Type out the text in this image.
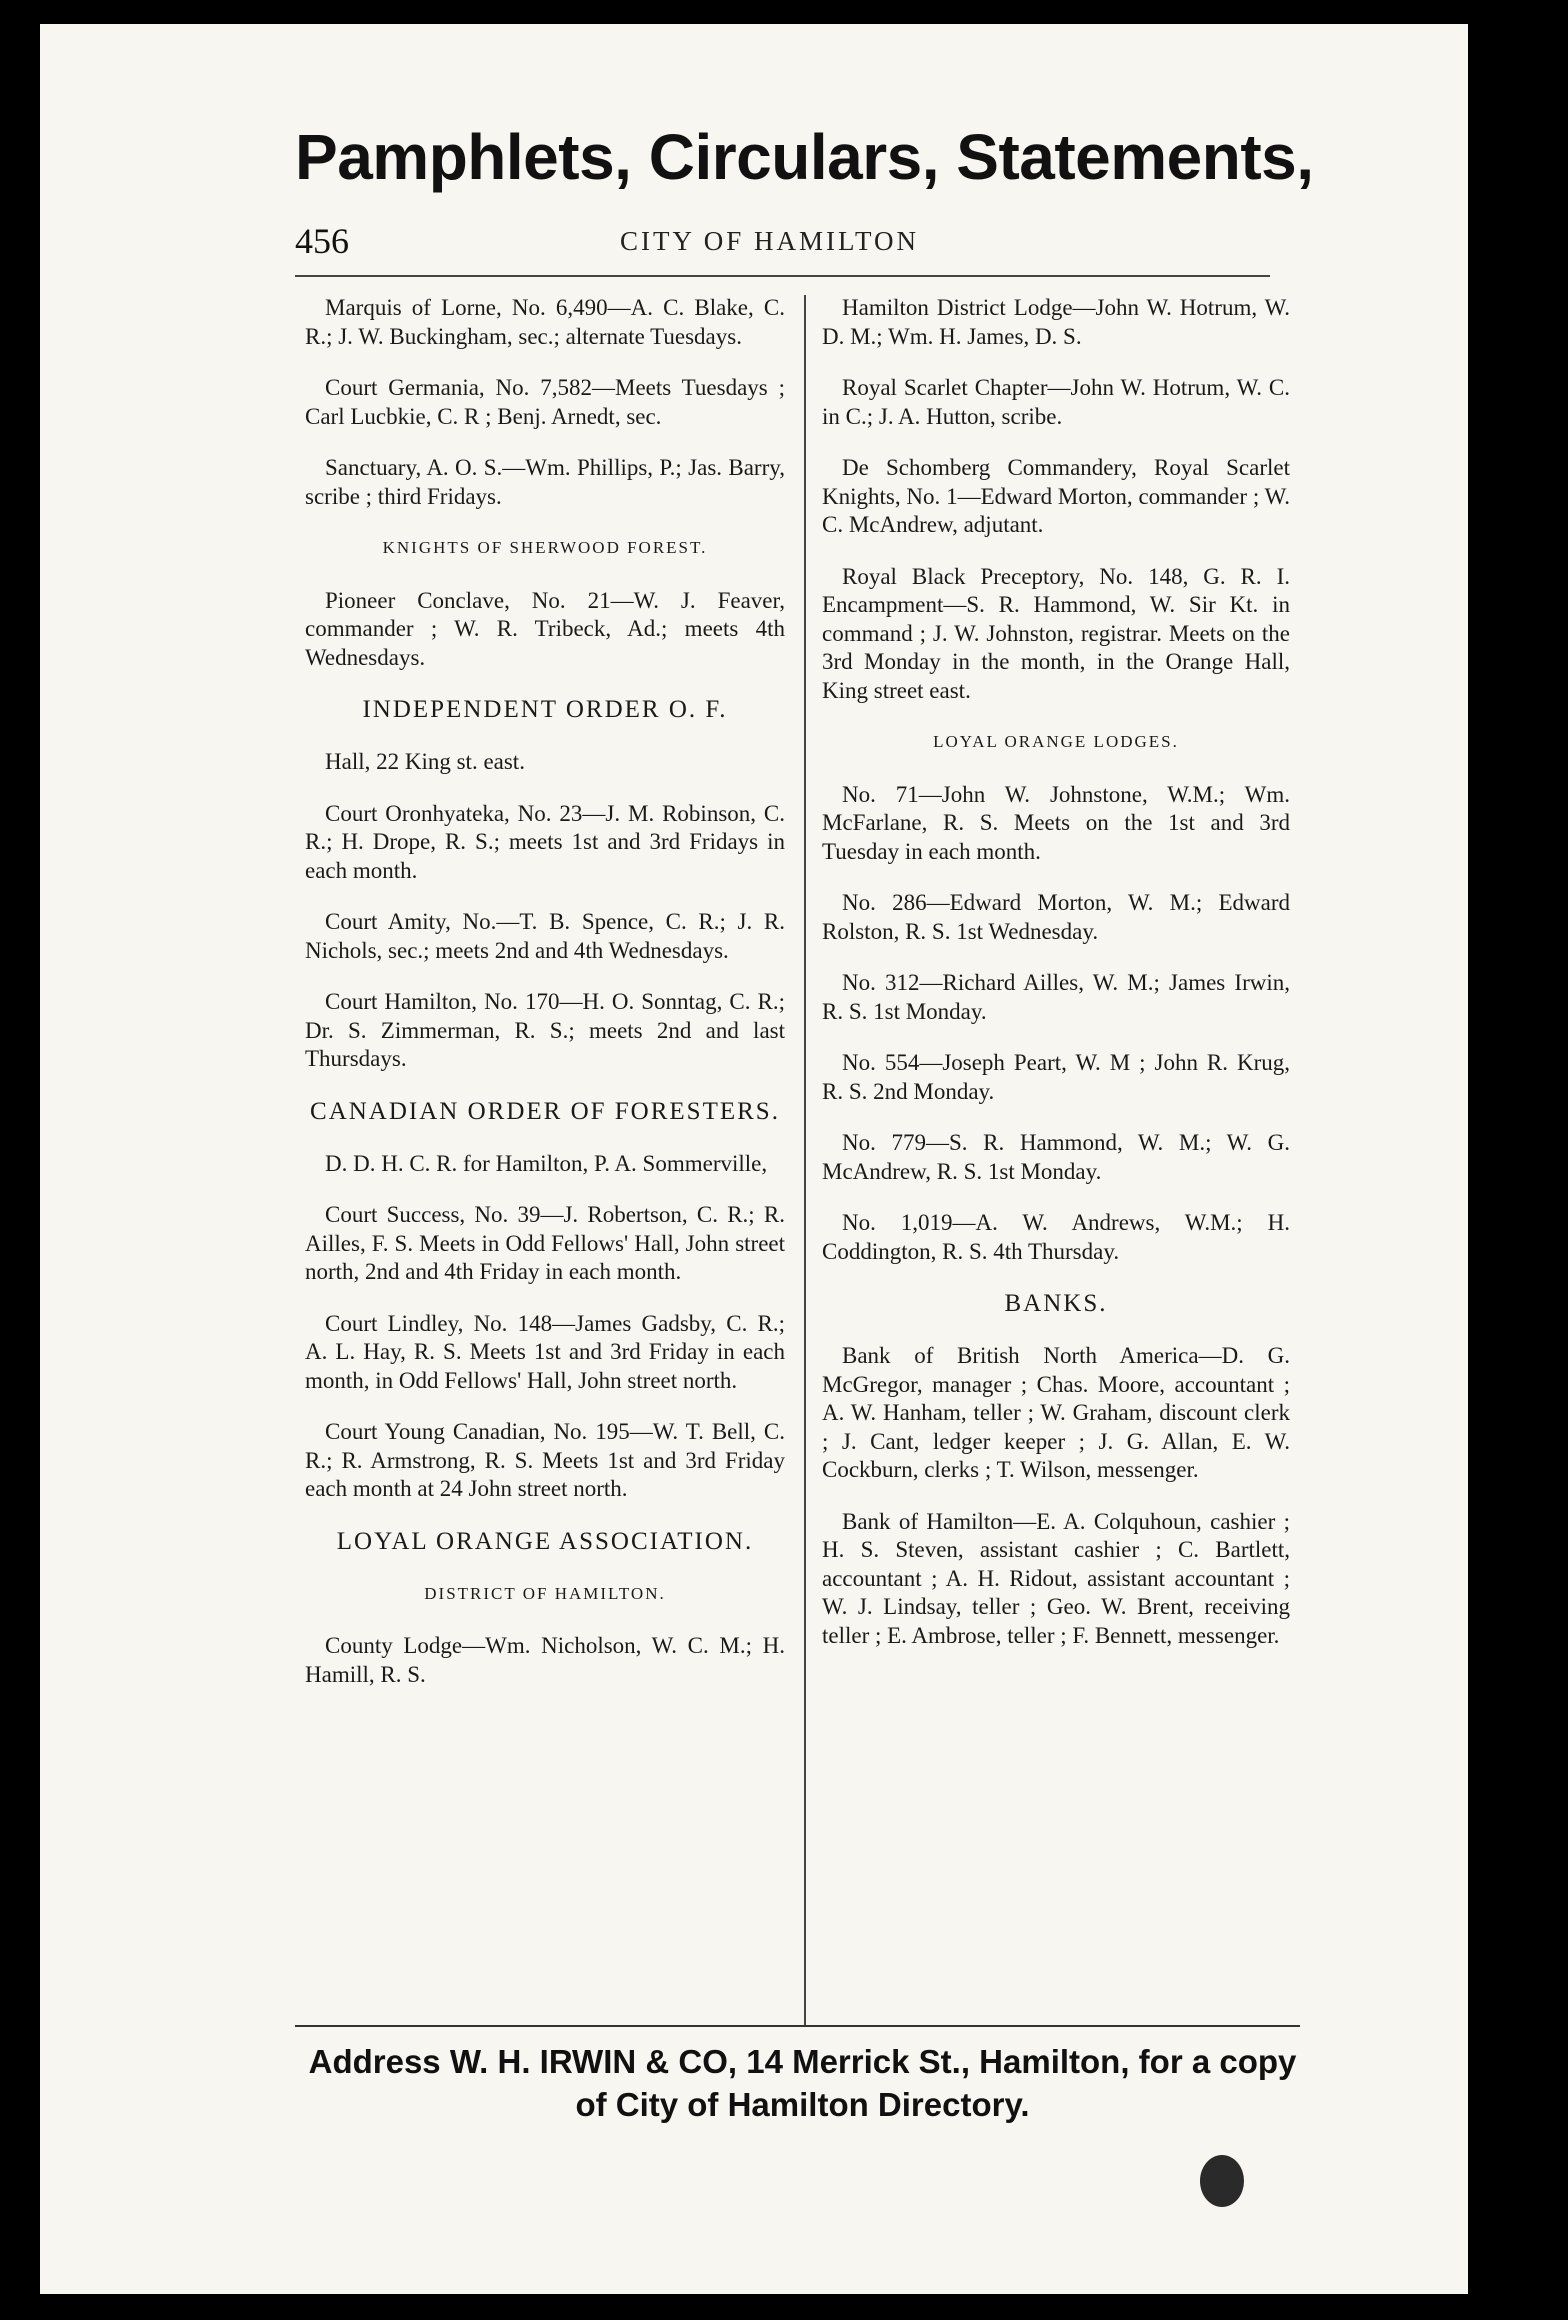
Pamphlets, Circulars, Statements,
456	CITY OF HAMILTON
Marquis of Lorne, No. 6,490—A. C. Blake, C. R.; J. W. Buckingham, sec.; alternate Tuesdays.
Court Germania, No. 7,582—Meets Tuesdays ; Carl Lucbkie, C. R ; Benj. Arnedt, sec.
Sanctuary, A. O. S.—Wm. Phillips, P.; Jas. Barry, scribe ; third Fridays.
KNIGHTS OF SHERWOOD FOREST.
Pioneer Conclave, No. 21—W. J. Feaver, commander ; W. R. Tribeck, Ad.; meets 4th Wednesdays.
INDEPENDENT ORDER O. F.
Hall, 22 King st. east.
Court Oronhyateka, No. 23—J. M. Robinson, C. R.; H. Drope, R. S.; meets 1st and 3rd Fridays in each month.
Court Amity, No.—T. B. Spence, C. R.; J. R. Nichols, sec.; meets 2nd and 4th Wednesdays.
Court Hamilton, No. 170—H. O. Sonntag, C. R.; Dr. S. Zimmerman, R. S.; meets 2nd and last Thursdays.
CANADIAN ORDER OF FORESTERS.
D. D. H. C. R. for Hamilton, P. A. Sommerville,
Court Success, No. 39—J. Robertson, C. R.; R. Ailles, F. S. Meets in Odd Fellows' Hall, John street north, 2nd and 4th Friday in each month.
Court Lindley, No. 148—James Gadsby, C. R.; A. L. Hay, R. S. Meets 1st and 3rd Friday in each month, in Odd Fellows' Hall, John street north.
Court Young Canadian, No. 195—W. T. Bell, C. R.; R. Armstrong, R. S. Meets 1st and 3rd Friday each month at 24 John street north.
LOYAL ORANGE ASSOCIATION.
DISTRICT OF HAMILTON.
County Lodge—Wm. Nicholson, W. C. M.; H. Hamill, R. S.
Hamilton District Lodge—John W. Hotrum, W. D. M.; Wm. H. James, D. S.
Royal Scarlet Chapter—John W. Hotrum, W. C. in C.; J. A. Hutton, scribe.
De Schomberg Commandery, Royal Scarlet Knights, No. 1—Edward Morton, commander ; W. C. McAndrew, adjutant.
Royal Black Preceptory, No. 148, G. R. I. Encampment—S. R. Hammond, W. Sir Kt. in command ; J. W. Johnston, registrar. Meets on the 3rd Monday in the month, in the Orange Hall, King street east.
LOYAL ORANGE LODGES.
No. 71—John W. Johnstone, W.M.; Wm. McFarlane, R. S. Meets on the 1st and 3rd Tuesday in each month.
No. 286—Edward Morton, W. M.; Edward Rolston, R. S. 1st Wednesday.
No. 312—Richard Ailles, W. M.; James Irwin, R. S. 1st Monday.
No. 554—Joseph Peart, W. M ; John R. Krug, R. S. 2nd Monday.
No. 779—S. R. Hammond, W. M.; W. G. McAndrew, R. S. 1st Monday.
No. 1,019—A. W. Andrews, W.M.; H. Coddington, R. S. 4th Thursday.
BANKS.
Bank of British North America—D. G. McGregor, manager ; Chas. Moore, accountant ; A. W. Hanham, teller ; W. Graham, discount clerk ; J. Cant, ledger keeper ; J. G. Allan, E. W. Cockburn, clerks ; T. Wilson, messenger.
Bank of Hamilton—E. A. Colquhoun, cashier ; H. S. Steven, assistant cashier ; C. Bartlett, accountant ; A. H. Ridout, assistant accountant ; W. J. Lindsay, teller ; Geo. W. Brent, receiving teller ; E. Ambrose, teller ; F. Bennett, messenger.
Address W. H. IRWIN & CO, 14 Merrick St., Hamilton, for a copy of City of Hamilton Directory.
